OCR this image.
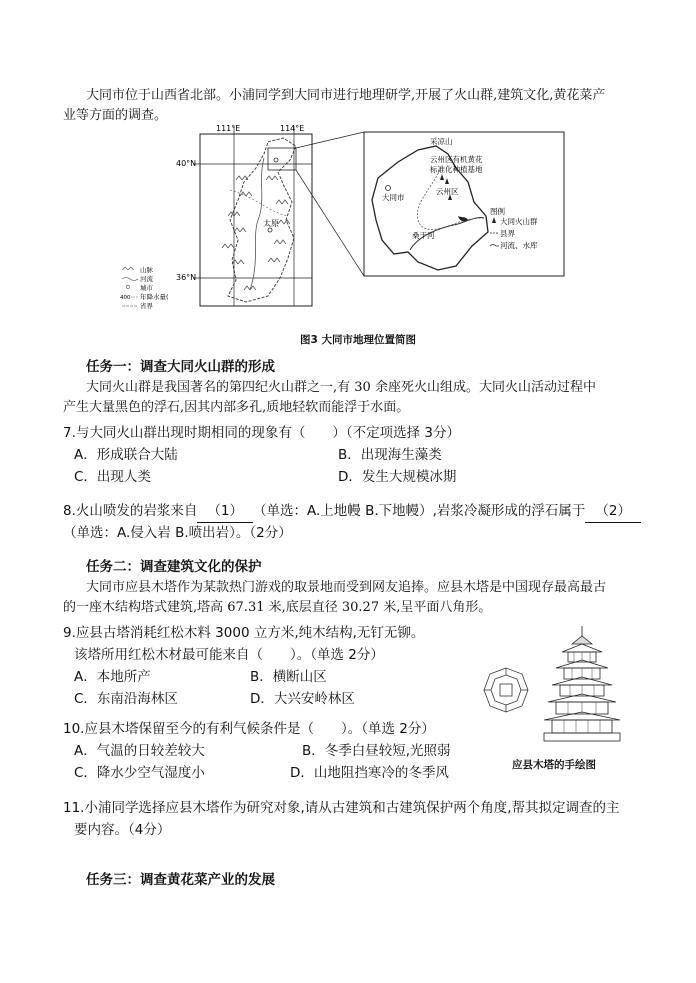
大同市位于山西省北部。小浦同学到大同市进行地理研学,开展了火山群,建筑文化,黄花菜产
业等方面的调查。
111°E	114°E
40°N
36°N
太原
山脉
河流
城市
400 年降水量(
省界
采凉山
云州区有机黄花
标准化种植基地
大同市
云州区
桑干河
图例
大同火山群
县界
河流、水库
图3 大同市地理位置简图
任务一：调查大同火山群的形成
大同火山群是我国著名的第四纪火山群之一,有 30 余座死火山组成。大同火山活动过程中
产生大量黑色的浮石,因其内部多孔,质地轻软而能浮于水面。
7.与大同火山群出现时期相同的现象有（　　）（不定项选择 3分）
A．形成联合大陆	B．出现海生藻类
C．出现人类	D．发生大规模冰期
8.火山喷发的岩浆来自 （1） （单选：A.上地幔 B.下地幔）,岩浆冷凝形成的浮石属于 （2）
（单选：A.侵入岩 B.喷出岩）。（2分）
任务二：调查建筑文化的保护
大同市应县木塔作为某款热门游戏的取景地而受到网友追捧。应县木塔是中国现存最高最古
的一座木结构塔式建筑,塔高 67.31 米,底层直径 30.27 米,呈平面八角形。
9.应县古塔消耗红松木料 3000 立方米,纯木结构,无钉无铆。
该塔所用红松木材最可能来自（　　）。（单选 2分）
A．本地所产	B．横断山区
C．东南沿海林区	D．大兴安岭林区
10.应县木塔保留至今的有利气候条件是（　　）。（单选 2分）
A．气温的日较差较大	B．冬季白昼较短,光照弱
C．降水少空气湿度小	D．山地阻挡寒冷的冬季风	应县木塔的手绘图
11.小浦同学选择应县木塔作为研究对象,请从古建筑和古建筑保护两个角度,帮其拟定调查的主
要内容。（4分）
任务三：调查黄花菜产业的发展
